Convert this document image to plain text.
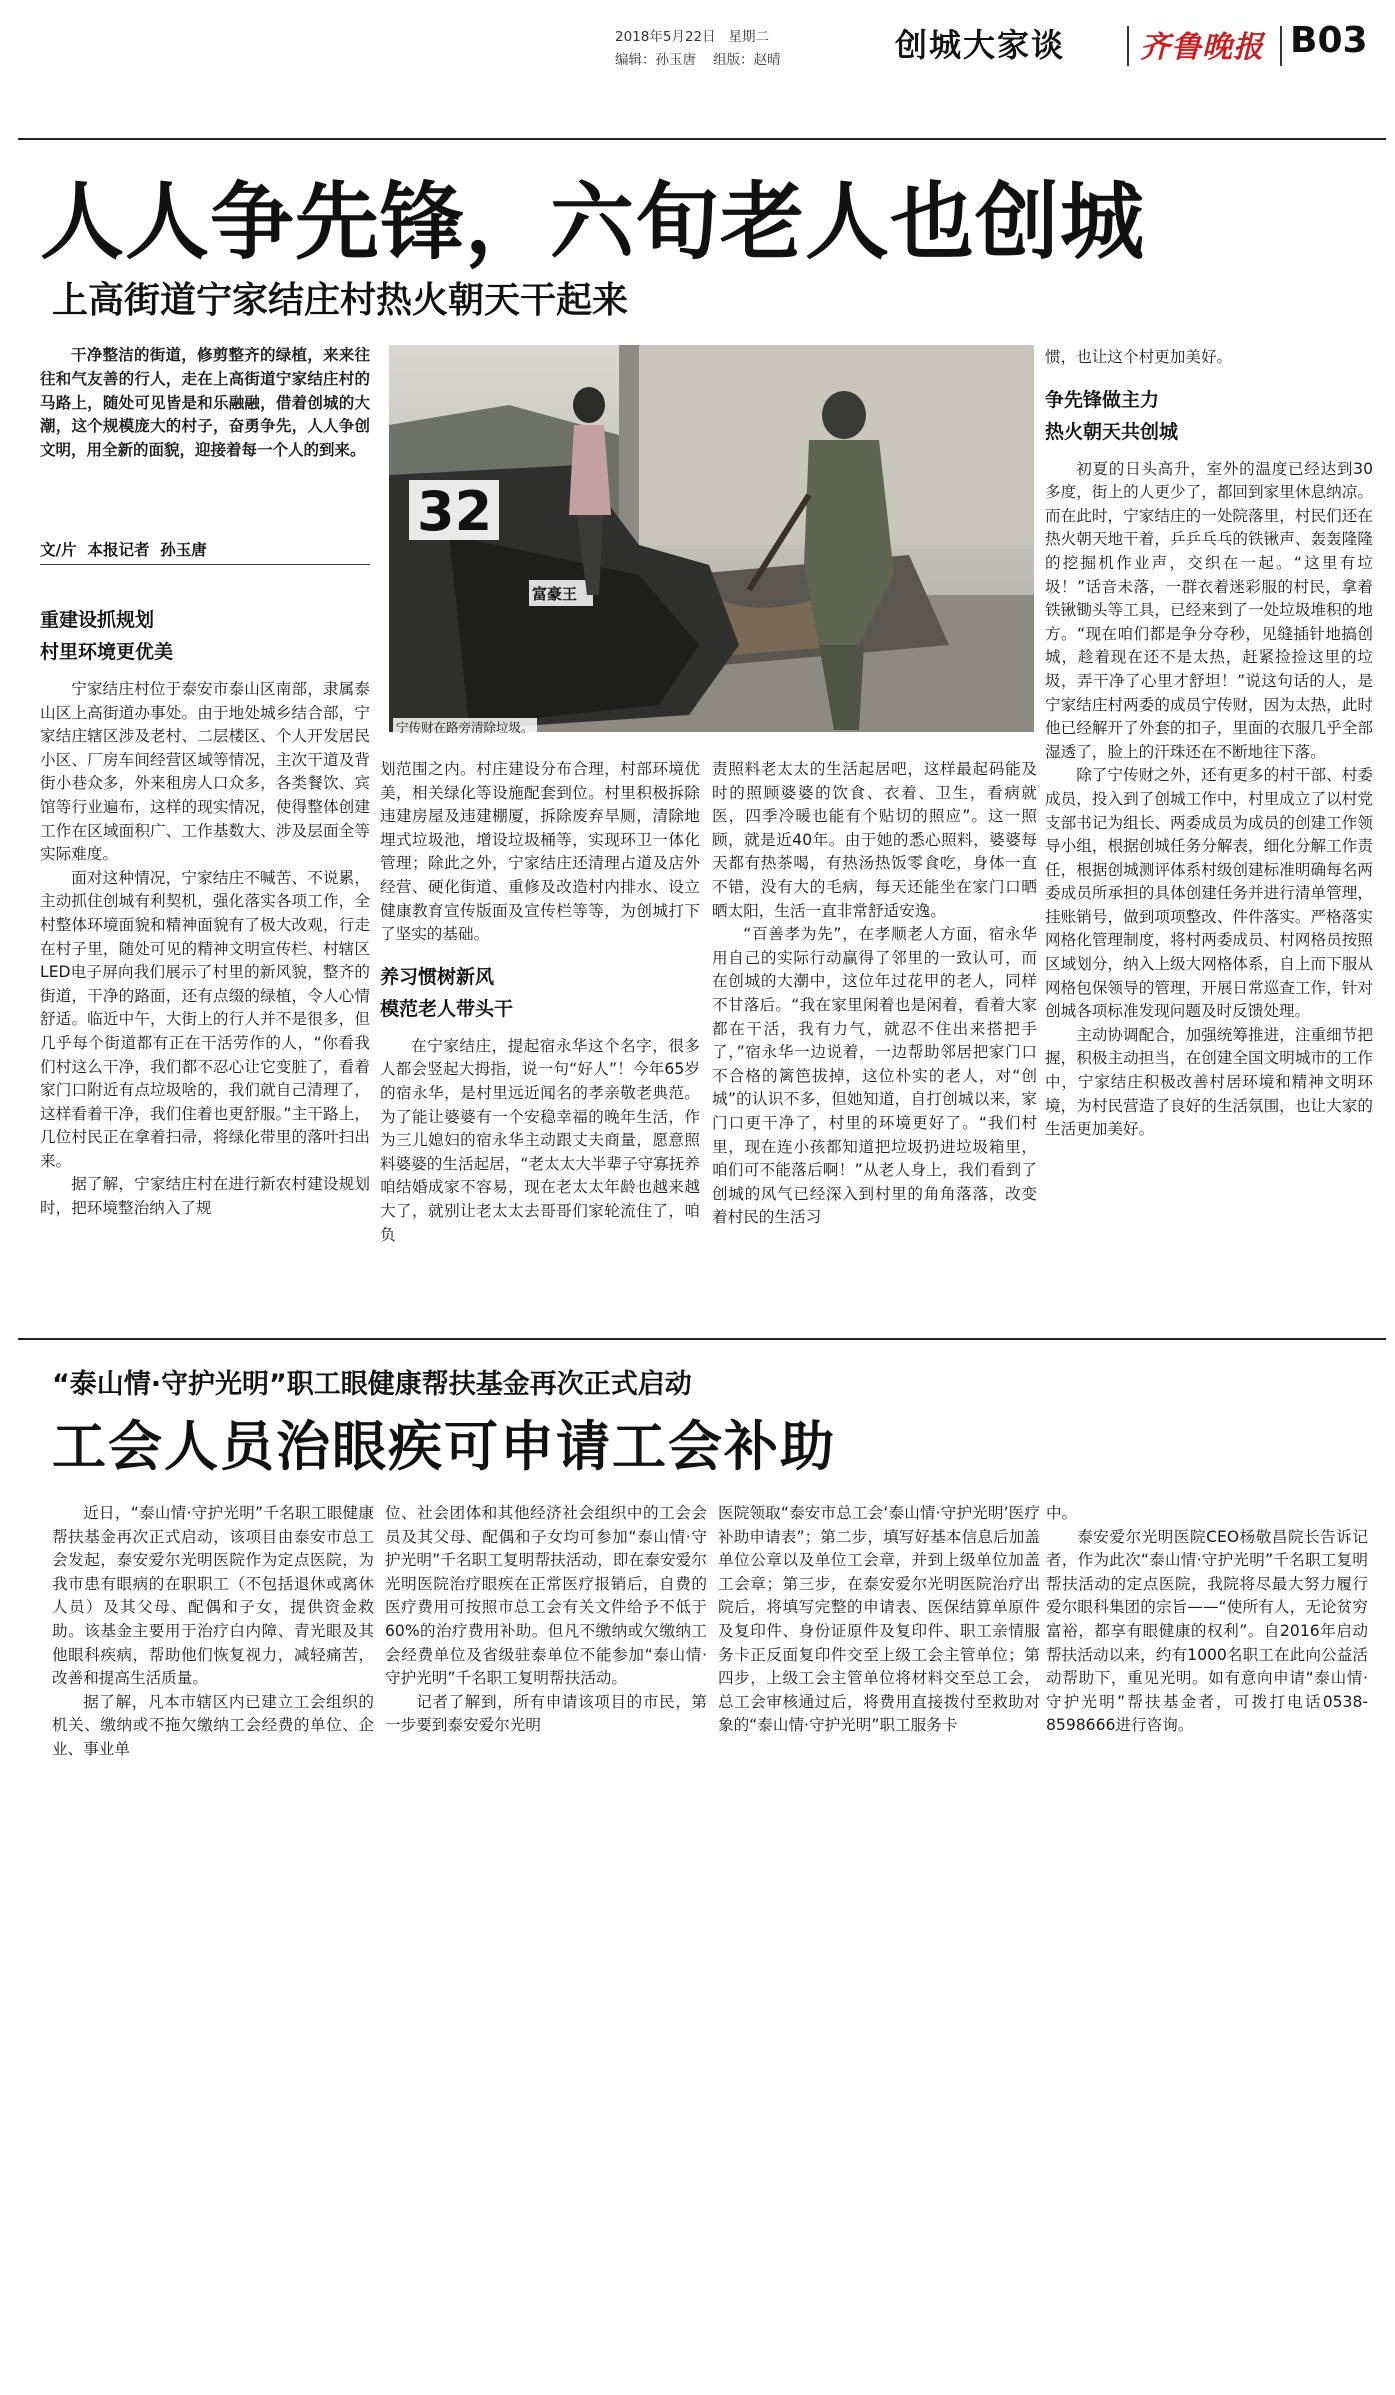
2018年5月22日 星期二
编辑：孙玉唐    组版：赵晴	创城大家谈 齐鲁晚报 B03
人人争先锋，六旬老人也创城
上高街道宁家结庄村热火朝天干起来

干净整洁的街道，修剪整齐的绿植，来来往往和气友善的行人，走在上高街道宁家结庄村的马路上，随处可见皆是和乐融融，借着创城的大潮，这个规模庞大的村子，奋勇争先，人人争创文明，用全新的面貌，迎接着每一个人的到来。

文/片  本报记者  孙玉唐
32
富豪王
宁传财在路旁清除垃圾。
重建设抓规划
村里环境更优美

宁家结庄村位于泰安市泰山区南部，隶属泰山区上高街道办事处。由于地处城乡结合部，宁家结庄辖区涉及老村、二层楼区、个人开发居民小区、厂房车间经营区域等情况，主次干道及背街小巷众多，外来租房人口众多，各类餐饮、宾馆等行业遍布，这样的现实情况，使得整体创建工作在区域面积广、工作基数大、涉及层面全等实际难度。

面对这种情况，宁家结庄不喊苦、不说累，主动抓住创城有利契机，强化落实各项工作，全村整体环境面貌和精神面貌有了极大改观，行走在村子里，随处可见的精神文明宣传栏、村辖区LED电子屏向我们展示了村里的新风貌，整齐的街道，干净的路面，还有点缀的绿植，令人心情舒适。临近中午，大街上的行人并不是很多，但几乎每个街道都有正在干活劳作的人，“你看我们村这么干净，我们都不忍心让它变脏了，看着家门口附近有点垃圾啥的，我们就自己清理了，这样看着干净，我们住着也更舒服。”主干路上，几位村民正在拿着扫帚，将绿化带里的落叶扫出来。

据了解，宁家结庄村在进行新农村建设规划时，把环境整治纳入了规

划范围之内。村庄建设分布合理，村部环境优美，相关绿化等设施配套到位。村里积极拆除违建房屋及违建棚厦，拆除废弃旱厕，清除地埋式垃圾池，增设垃圾桶等，实现环卫一体化管理；除此之外，宁家结庄还清理占道及店外经营、硬化街道、重修及改造村内排水、设立健康教育宣传版面及宣传栏等等，为创城打下了坚实的基础。

养习惯树新风
模范老人带头干

在宁家结庄，提起宿永华这个名字，很多人都会竖起大拇指，说一句“好人”！今年65岁的宿永华，是村里远近闻名的孝亲敬老典范。为了能让婆婆有一个安稳幸福的晚年生活，作为三儿媳妇的宿永华主动跟丈夫商量，愿意照料婆婆的生活起居，“老太太大半辈子守寡抚养咱结婚成家不容易，现在老太太年龄也越来越大了，就别让老太太去哥哥们家轮流住了，咱负

责照料老太太的生活起居吧，这样最起码能及时的照顾婆婆的饮食、衣着、卫生，看病就医，四季冷暖也能有个贴切的照应”。这一照顾，就是近40年。由于她的悉心照料，婆婆每天都有热茶喝，有热汤热饭零食吃，身体一直不错，没有大的毛病，每天还能坐在家门口晒晒太阳，生活一直非常舒适安逸。

“百善孝为先”，在孝顺老人方面，宿永华用自己的实际行动赢得了邻里的一致认可，而在创城的大潮中，这位年过花甲的老人，同样不甘落后。“我在家里闲着也是闲着，看着大家都在干活，我有力气，就忍不住出来搭把手了，”宿永华一边说着，一边帮助邻居把家门口不合格的篱笆拔掉，这位朴实的老人，对“创城”的认识不多，但她知道，自打创城以来，家门口更干净了，村里的环境更好了。“我们村里，现在连小孩都知道把垃圾扔进垃圾箱里，咱们可不能落后啊！”从老人身上，我们看到了创城的风气已经深入到村里的角角落落，改变着村民的生活习

惯，也让这个村更加美好。

争先锋做主力
热火朝天共创城

初夏的日头高升，室外的温度已经达到30多度，街上的人更少了，都回到家里休息纳凉。而在此时，宁家结庄的一处院落里，村民们还在热火朝天地干着，乒乒乓乓的铁锹声、轰轰隆隆的挖掘机作业声，交织在一起。“这里有垃圾！”话音未落，一群衣着迷彩服的村民，拿着铁锹锄头等工具，已经来到了一处垃圾堆积的地方。“现在咱们都是争分夺秒，见缝插针地搞创城，趁着现在还不是太热，赶紧捡捡这里的垃圾，弄干净了心里才舒坦！”说这句话的人，是宁家结庄村两委的成员宁传财，因为太热，此时他已经解开了外套的扣子，里面的衣服几乎全部湿透了，脸上的汗珠还在不断地往下落。

除了宁传财之外，还有更多的村干部、村委成员，投入到了创城工作中，村里成立了以村党支部书记为组长、两委成员为成员的创建工作领导小组，根据创城任务分解表，细化分解工作责任，根据创城测评体系村级创建标准明确每名两委成员所承担的具体创建任务并进行清单管理，挂账销号，做到项项整改、件件落实。严格落实网格化管理制度，将村两委成员、村网格员按照区域划分，纳入上级大网格体系，自上而下服从网格包保领导的管理，开展日常巡查工作，针对创城各项标准发现问题及时反馈处理。

主动协调配合，加强统筹推进，注重细节把握，积极主动担当，在创建全国文明城市的工作中，宁家结庄积极改善村居环境和精神文明环境，为村民营造了良好的生活氛围，也让大家的生活更加美好。

“泰山情·守护光明”职工眼健康帮扶基金再次正式启动
工会人员治眼疾可申请工会补助

近日，“泰山情·守护光明”千名职工眼健康帮扶基金再次正式启动，该项目由泰安市总工会发起，泰安爱尔光明医院作为定点医院，为我市患有眼病的在职职工（不包括退休或离休人员）及其父母、配偶和子女，提供资金救助。该基金主要用于治疗白内障、青光眼及其他眼科疾病，帮助他们恢复视力，减轻痛苦，改善和提高生活质量。

据了解，凡本市辖区内已建立工会组织的机关、缴纳或不拖欠缴纳工会经费的单位、企业、事业单

位、社会团体和其他经济社会组织中的工会会员及其父母、配偶和子女均可参加“泰山情·守护光明”千名职工复明帮扶活动，即在泰安爱尔光明医院治疗眼疾在正常医疗报销后，自费的医疗费用可按照市总工会有关文件给予不低于60%的治疗费用补助。但凡不缴纳或欠缴纳工会经费单位及省级驻泰单位不能参加“泰山情·守护光明”千名职工复明帮扶活动。

记者了解到，所有申请该项目的市民，第一步要到泰安爱尔光明

医院领取“泰安市总工会‘泰山情·守护光明’医疗补助申请表”；第二步，填写好基本信息后加盖单位公章以及单位工会章，并到上级单位加盖工会章；第三步，在泰安爱尔光明医院治疗出院后，将填写完整的申请表、医保结算单原件及复印件、身份证原件及复印件、职工亲情服务卡正反面复印件交至上级工会主管单位；第四步，上级工会主管单位将材料交至总工会，总工会审核通过后，将费用直接拨付至救助对象的“泰山情·守护光明”职工服务卡

中。

泰安爱尔光明医院CEO杨敬昌院长告诉记者，作为此次“泰山情·守护光明”千名职工复明帮扶活动的定点医院，我院将尽最大努力履行爱尔眼科集团的宗旨——“使所有人，无论贫穷富裕，都享有眼健康的权利”。自2016年启动帮扶活动以来，约有1000名职工在此向公益活动帮助下，重见光明。如有意向申请“泰山情·守护光明”帮扶基金者，可拨打电话0538-8598666进行咨询。
